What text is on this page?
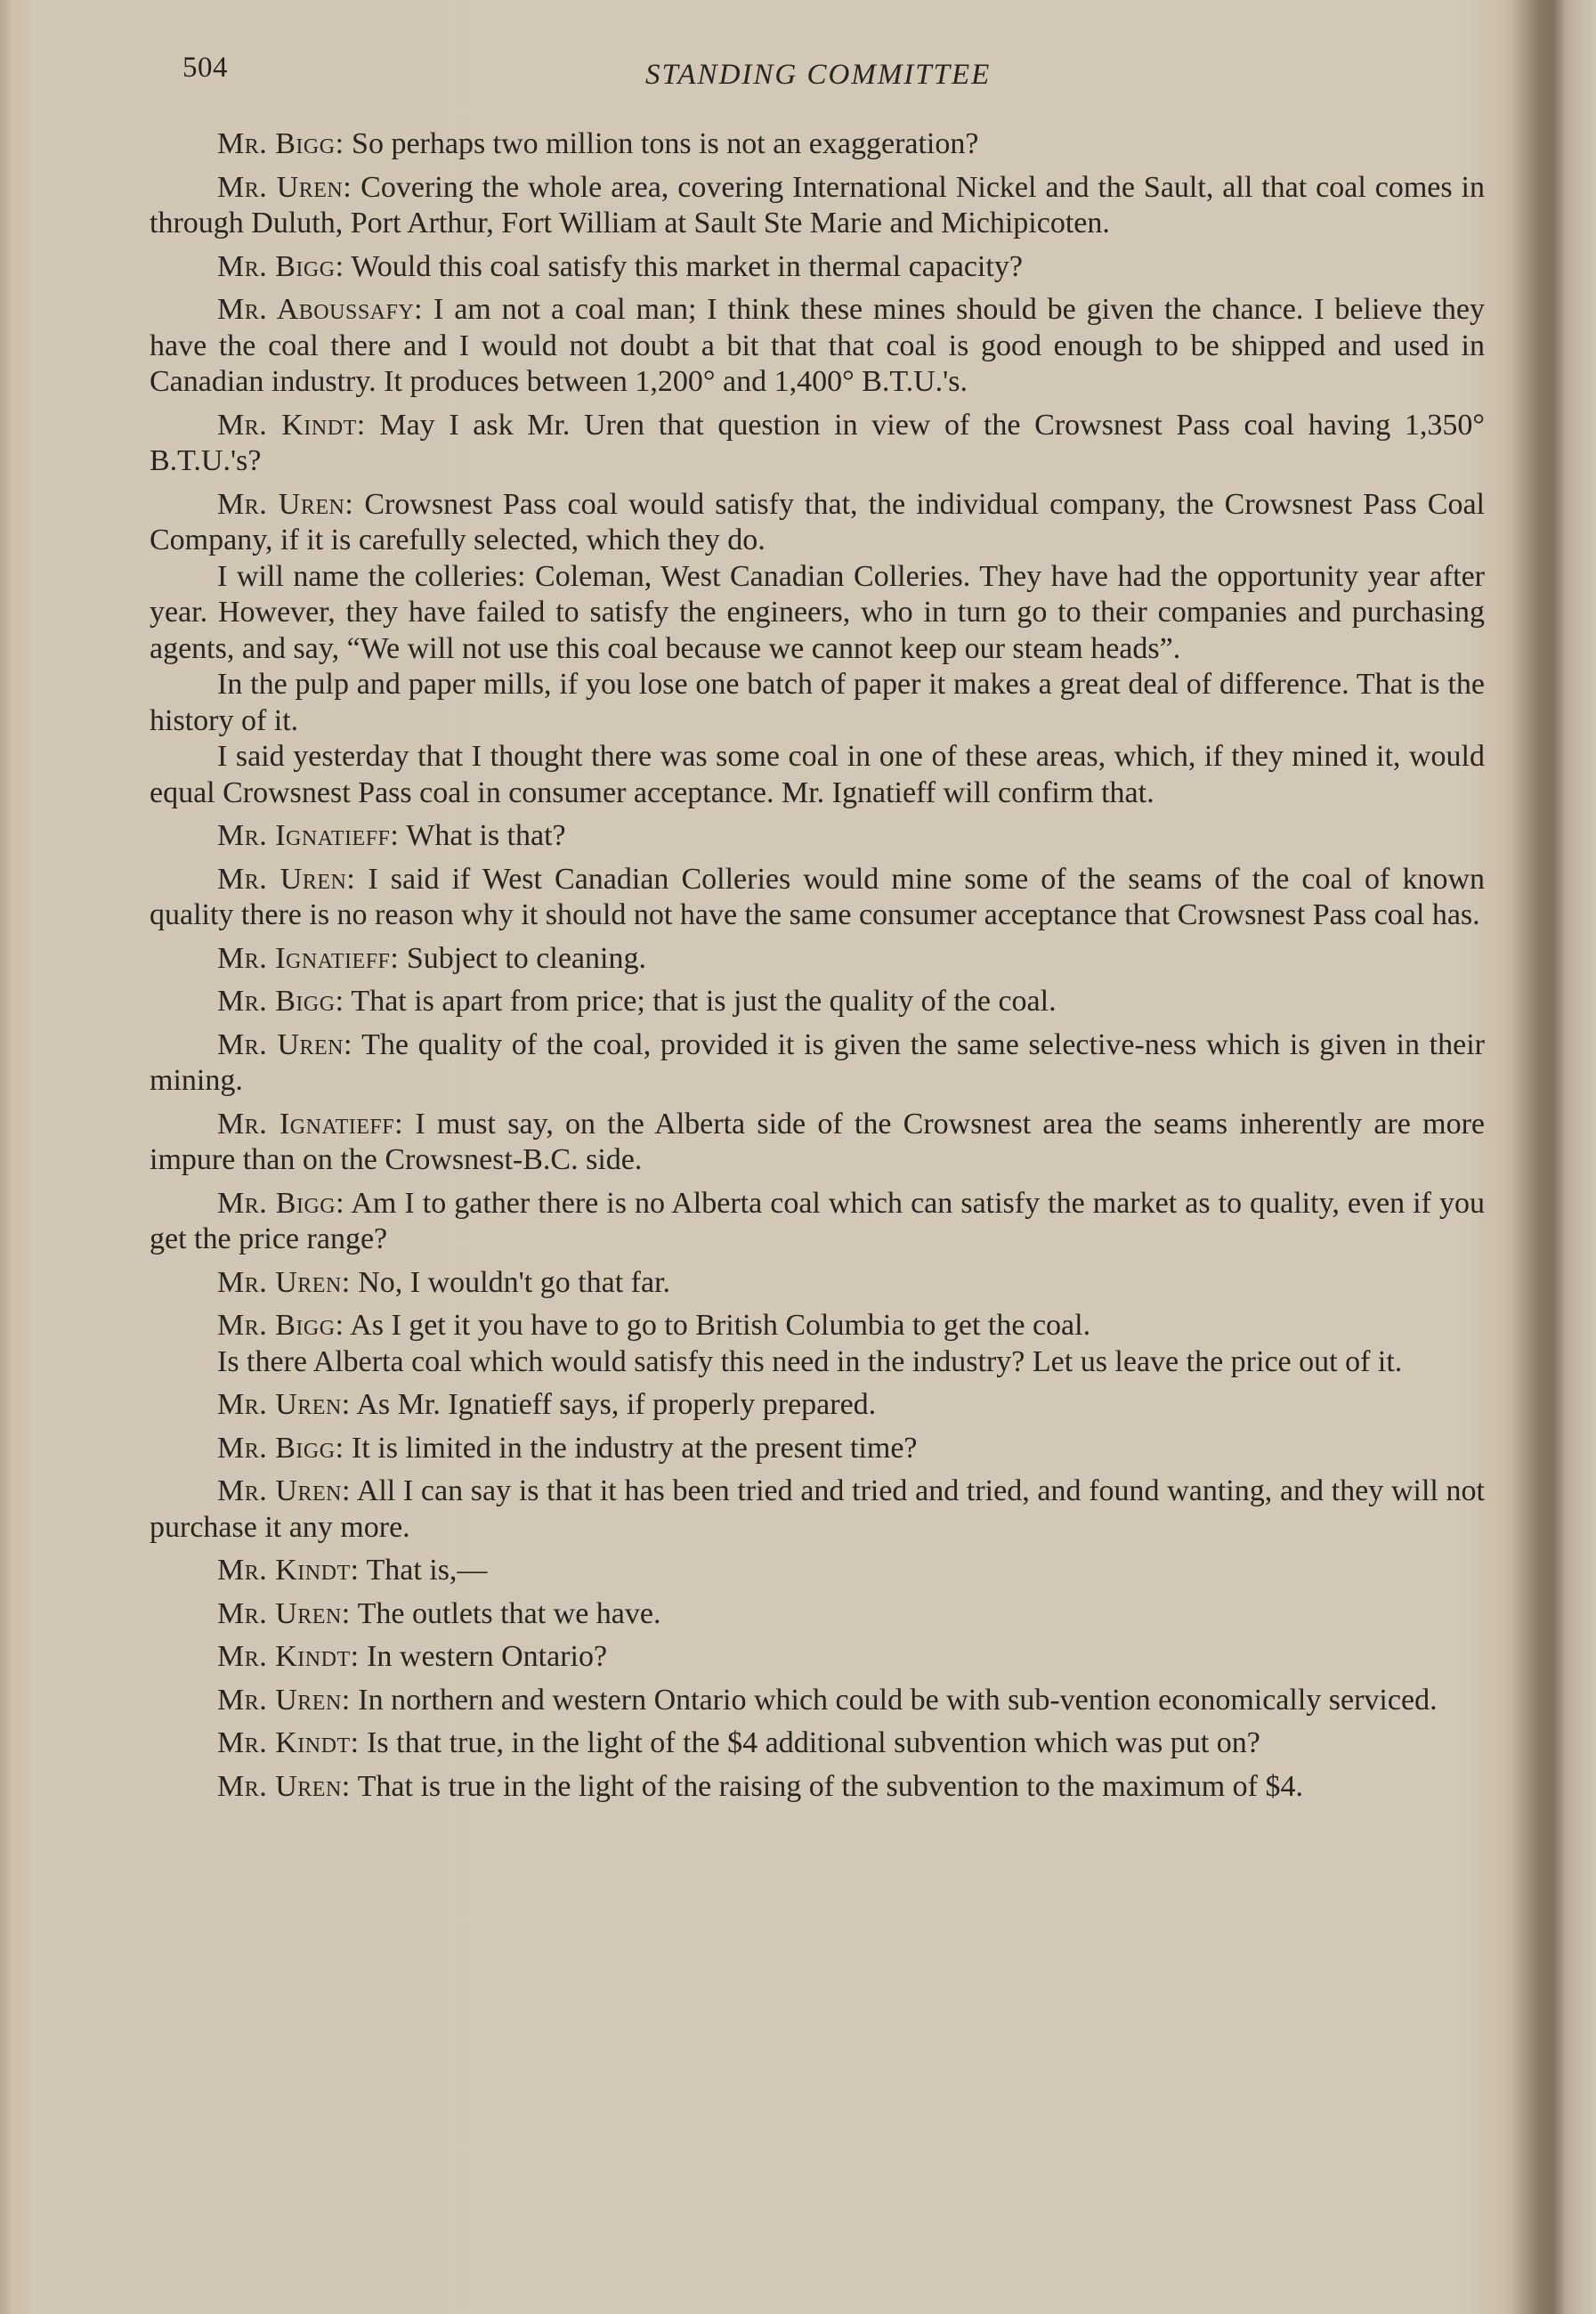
504	STANDING COMMITTEE

Mr. Bigg: So perhaps two million tons is not an exaggeration?

Mr. Uren: Covering the whole area, covering International Nickel and the Sault, all that coal comes in through Duluth, Port Arthur, Fort William at Sault Ste Marie and Michipicoten.

Mr. Bigg: Would this coal satisfy this market in thermal capacity?

Mr. Aboussafy: I am not a coal man; I think these mines should be given the chance. I believe they have the coal there and I would not doubt a bit that that coal is good enough to be shipped and used in Canadian industry. It produces between 1,200° and 1,400° B.T.U.'s.

Mr. Kindt: May I ask Mr. Uren that question in view of the Crowsnest Pass coal having 1,350° B.T.U.'s?

Mr. Uren: Crowsnest Pass coal would satisfy that, the individual company, the Crowsnest Pass Coal Company, if it is carefully selected, which they do.

I will name the colleries: Coleman, West Canadian Colleries. They have had the opportunity year after year. However, they have failed to satisfy the engineers, who in turn go to their companies and purchasing agents, and say, “We will not use this coal because we cannot keep our steam heads”.

In the pulp and paper mills, if you lose one batch of paper it makes a great deal of difference. That is the history of it.

I said yesterday that I thought there was some coal in one of these areas, which, if they mined it, would equal Crowsnest Pass coal in consumer acceptance. Mr. Ignatieff will confirm that.

Mr. Ignatieff: What is that?

Mr. Uren: I said if West Canadian Colleries would mine some of the seams of the coal of known quality there is no reason why it should not have the same consumer acceptance that Crowsnest Pass coal has.

Mr. Ignatieff: Subject to cleaning.

Mr. Bigg: That is apart from price; that is just the quality of the coal.

Mr. Uren: The quality of the coal, provided it is given the same selective-ness which is given in their mining.

Mr. Ignatieff: I must say, on the Alberta side of the Crowsnest area the seams inherently are more impure than on the Crowsnest-B.C. side.

Mr. Bigg: Am I to gather there is no Alberta coal which can satisfy the market as to quality, even if you get the price range?

Mr. Uren: No, I wouldn't go that far.

Mr. Bigg: As I get it you have to go to British Columbia to get the coal.

Is there Alberta coal which would satisfy this need in the industry? Let us leave the price out of it.

Mr. Uren: As Mr. Ignatieff says, if properly prepared.

Mr. Bigg: It is limited in the industry at the present time?

Mr. Uren: All I can say is that it has been tried and tried and tried, and found wanting, and they will not purchase it any more.

Mr. Kindt: That is,—

Mr. Uren: The outlets that we have.

Mr. Kindt: In western Ontario?

Mr. Uren: In northern and western Ontario which could be with sub-vention economically serviced.

Mr. Kindt: Is that true, in the light of the $4 additional subvention which was put on?

Mr. Uren: That is true in the light of the raising of the subvention to the maximum of $4.
